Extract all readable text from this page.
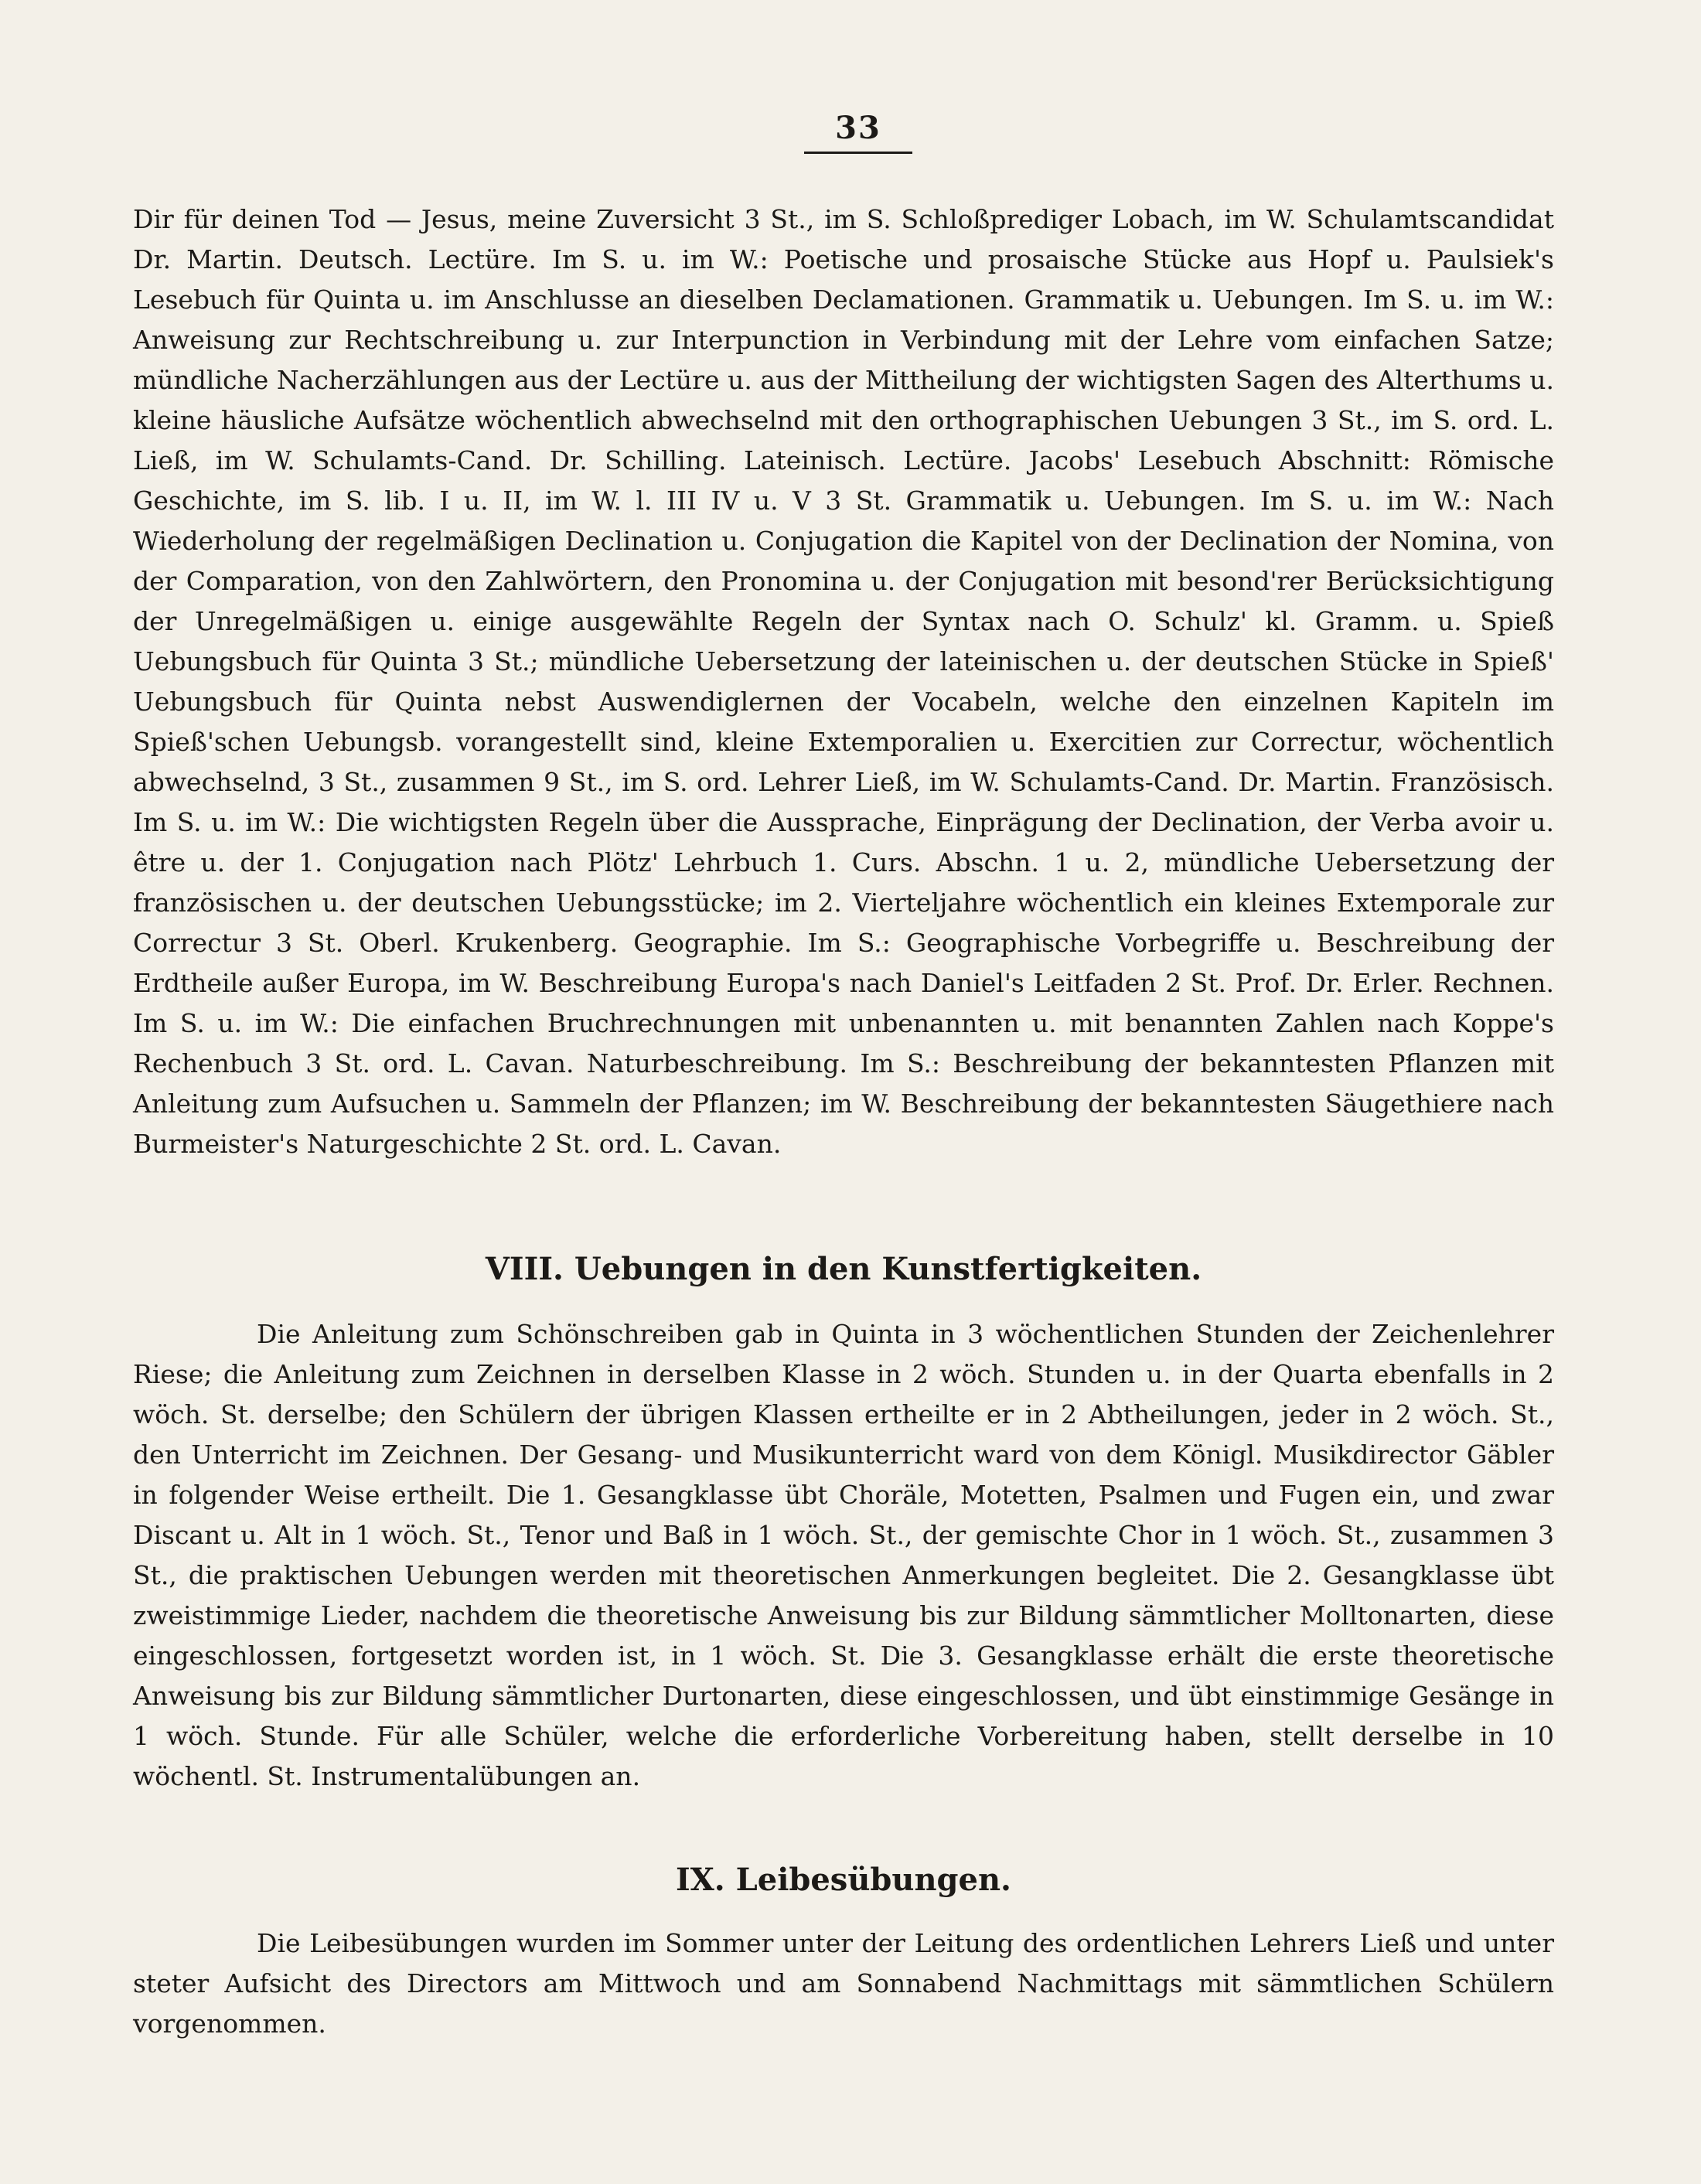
33

Dir für deinen Tod — Jesus, meine Zuversicht 3 St., im S. Schloßprediger Lobach, im W. Schulamtscandidat Dr. Martin. Deutsch. Lectüre. Im S. u. im W.: Poetische und prosaische Stücke aus Hopf u. Paulsiek's Lesebuch für Quinta u. im Anschlusse an dieselben Declamationen. Grammatik u. Uebungen. Im S. u. im W.: Anweisung zur Rechtschreibung u. zur Interpunction in Verbindung mit der Lehre vom einfachen Satze; mündliche Nacherzählungen aus der Lectüre u. aus der Mittheilung der wichtigsten Sagen des Alterthums u. kleine häusliche Aufsätze wöchentlich abwechselnd mit den orthographischen Uebungen 3 St., im S. ord. L. Ließ, im W. Schulamts-Cand. Dr. Schilling. Lateinisch. Lectüre. Jacobs' Lesebuch Abschnitt: Römische Geschichte, im S. lib. I u. II, im W. l. III IV u. V 3 St. Grammatik u. Uebungen. Im S. u. im W.: Nach Wiederholung der regelmäßigen Declination u. Conjugation die Kapitel von der Declination der Nomina, von der Comparation, von den Zahlwörtern, den Pronomina u. der Conjugation mit besond'rer Berücksichtigung der Unregelmäßigen u. einige ausgewählte Regeln der Syntax nach O. Schulz' kl. Gramm. u. Spieß Uebungsbuch für Quinta 3 St.; mündliche Uebersetzung der lateinischen u. der deutschen Stücke in Spieß' Uebungsbuch für Quinta nebst Auswendiglernen der Vocabeln, welche den einzelnen Kapiteln im Spieß'schen Uebungsb. vorangestellt sind, kleine Extemporalien u. Exercitien zur Correctur, wöchentlich abwechselnd, 3 St., zusammen 9 St., im S. ord. Lehrer Ließ, im W. Schulamts-Cand. Dr. Martin. Französisch. Im S. u. im W.: Die wichtigsten Regeln über die Aussprache, Einprägung der Declination, der Verba avoir u. être u. der 1. Conjugation nach Plötz' Lehrbuch 1. Curs. Abschn. 1 u. 2, mündliche Uebersetzung der französischen u. der deutschen Uebungsstücke; im 2. Vierteljahre wöchentlich ein kleines Extemporale zur Correctur 3 St. Oberl. Krukenberg. Geographie. Im S.: Geographische Vorbegriffe u. Beschreibung der Erdtheile außer Europa, im W. Beschreibung Europa's nach Daniel's Leitfaden 2 St. Prof. Dr. Erler. Rechnen. Im S. u. im W.: Die einfachen Bruchrechnungen mit unbenannten u. mit benannten Zahlen nach Koppe's Rechenbuch 3 St. ord. L. Cavan. Naturbeschreibung. Im S.: Beschreibung der bekanntesten Pflanzen mit Anleitung zum Aufsuchen u. Sammeln der Pflanzen; im W. Beschreibung der bekanntesten Säugethiere nach Burmeister's Naturgeschichte 2 St. ord. L. Cavan.

VIII. Uebungen in den Kunstfertigkeiten.

Die Anleitung zum Schönschreiben gab in Quinta in 3 wöchentlichen Stunden der Zeichenlehrer Riese; die Anleitung zum Zeichnen in derselben Klasse in 2 wöch. Stunden u. in der Quarta ebenfalls in 2 wöch. St. derselbe; den Schülern der übrigen Klassen ertheilte er in 2 Abtheilungen, jeder in 2 wöch. St., den Unterricht im Zeichnen. Der Gesang- und Musikunterricht ward von dem Königl. Musikdirector Gäbler in folgender Weise ertheilt. Die 1. Gesangklasse übt Choräle, Motetten, Psalmen und Fugen ein, und zwar Discant u. Alt in 1 wöch. St., Tenor und Baß in 1 wöch. St., der gemischte Chor in 1 wöch. St., zusammen 3 St., die praktischen Uebungen werden mit theoretischen Anmerkungen begleitet. Die 2. Gesangklasse übt zweistimmige Lieder, nachdem die theoretische Anweisung bis zur Bildung sämmtlicher Molltonarten, diese eingeschlossen, fortgesetzt worden ist, in 1 wöch. St. Die 3. Gesangklasse erhält die erste theoretische Anweisung bis zur Bildung sämmtlicher Durtonarten, diese eingeschlossen, und übt einstimmige Gesänge in 1 wöch. Stunde. Für alle Schüler, welche die erforderliche Vorbereitung haben, stellt derselbe in 10 wöchentl. St. Instrumentalübungen an.

IX. Leibesübungen.

Die Leibesübungen wurden im Sommer unter der Leitung des ordentlichen Lehrers Ließ und unter steter Aufsicht des Directors am Mittwoch und am Sonnabend Nachmittags mit sämmtlichen Schülern vorgenommen.
